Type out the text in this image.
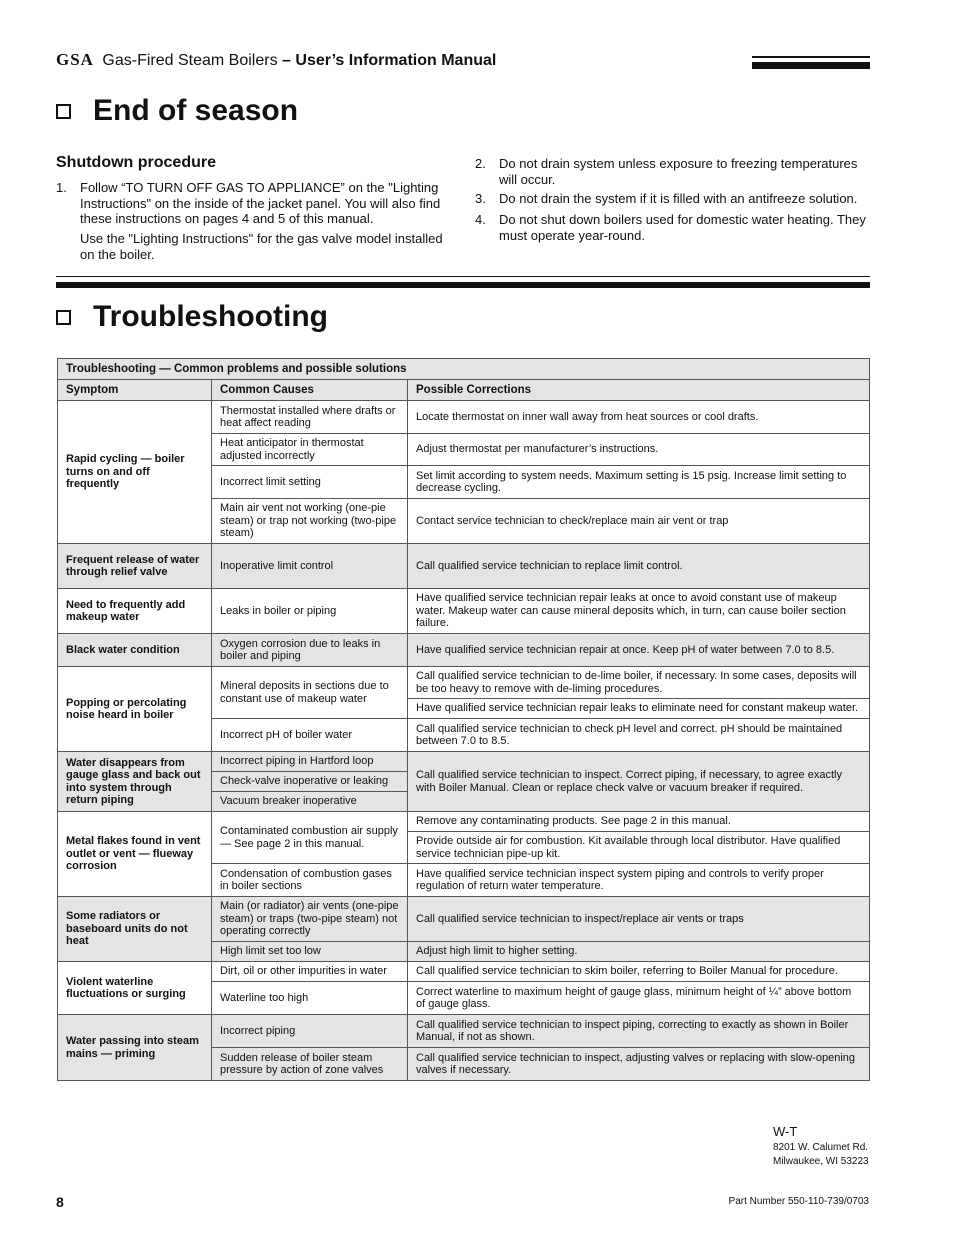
GSA Gas-Fired Steam Boilers – User’s Information Manual
End of season
Shutdown procedure
1. Follow “TO TURN OFF GAS TO APPLIANCE” on the "Lighting Instructions" on the inside of the jacket panel. You will also find these instructions on pages 4 and 5 of this manual.
Use the "Lighting Instructions" for the gas valve model installed on the boiler.
2. Do not drain system unless exposure to freezing temperatures will occur.
3. Do not drain the system if it is filled with an antifreeze solution.
4. Do not shut down boilers used for domestic water heating. They must operate year-round.
Troubleshooting
Troubleshooting — Common problems and possible solutions		
Symptom	Common Causes	Possible Corrections
Rapid cycling — boiler turns on and off frequently	Thermostat installed where drafts or heat affect reading	Locate thermostat on inner wall away from heat sources or cool drafts.
	Heat anticipator in thermostat adjusted incorrectly	Adjust thermostat per manufacturer’s instructions.
	Incorrect limit setting	Set limit according to system needs. Maximum setting is 15 psig. Increase limit setting to decrease cycling.
	Main air vent not working (one-pie steam) or trap not working (two-pipe steam)	Contact service technician to check/replace main air vent or trap
Frequent release of water through relief valve	Inoperative limit control	Call qualified service technician to replace limit control.
Need to frequently add makeup water	Leaks in boiler or piping	Have qualified service technician repair leaks at once to avoid constant use of makeup water. Makeup water can cause mineral deposits which, in turn, can cause boiler section failure.
Black water condition	Oxygen corrosion due to leaks in boiler and piping	Have qualified service technician repair at once. Keep pH of water between 7.0 to 8.5.
Popping or percolating noise heard in boiler	Mineral deposits in sections due to constant use of makeup water	Call qualified service technician to de-lime boiler, if necessary. In some cases, deposits will be too heavy to remove with de-liming procedures.
		Have qualified service technician repair leaks to eliminate need for constant makeup water.
	Incorrect pH of boiler water	Call qualified service technician to check pH level and correct. pH should be maintained between 7.0 to 8.5.
Water disappears from gauge glass and back out into system through return piping	Incorrect piping in Hartford loop	Call qualified service technician to inspect. Correct piping, if necessary, to agree exactly with Boiler Manual. Clean or replace check valve or vacuum breaker if required.
	Check-valve inoperative or leaking	
	Vacuum breaker inoperative	
Metal flakes found in vent outlet or vent — flueway corrosion	Contaminated combustion air supply — See page 2 in this manual.	Remove any contaminating products. See page 2 in this manual.
		Provide outside air for combustion. Kit available through local distributor. Have qualified service technician pipe-up kit.
	Condensation of combustion gases in boiler sections	Have qualified service technician inspect system piping and controls to verify proper regulation of return water temperature.
Some radiators or baseboard units do not heat	Main (or radiator) air vents (one-pipe steam) or traps (two-pipe steam) not operating correctly	Call qualified service technician to inspect/replace air vents or traps
	High limit set too low	Adjust high limit to higher setting.
Violent waterline fluctuations or surging	Dirt, oil or other impurities in water	Call qualified service technician to skim boiler, referring to Boiler Manual for procedure.
	Waterline too high	Correct waterline to maximum height of gauge glass, minimum height of ¼” above bottom of gauge glass.
Water passing into steam mains — priming	Incorrect piping	Call qualified service technician to inspect piping, correcting to exactly as shown in Boiler Manual, if not as shown.
	Sudden release of boiler steam pressure by action of zone valves	Call qualified service technician to inspect, adjusting valves or replacing with slow-opening valves if necessary.
W-T
8201 W. Calumet Rd.
Milwaukee, WI 53223
8	Part Number 550-110-739/0703
